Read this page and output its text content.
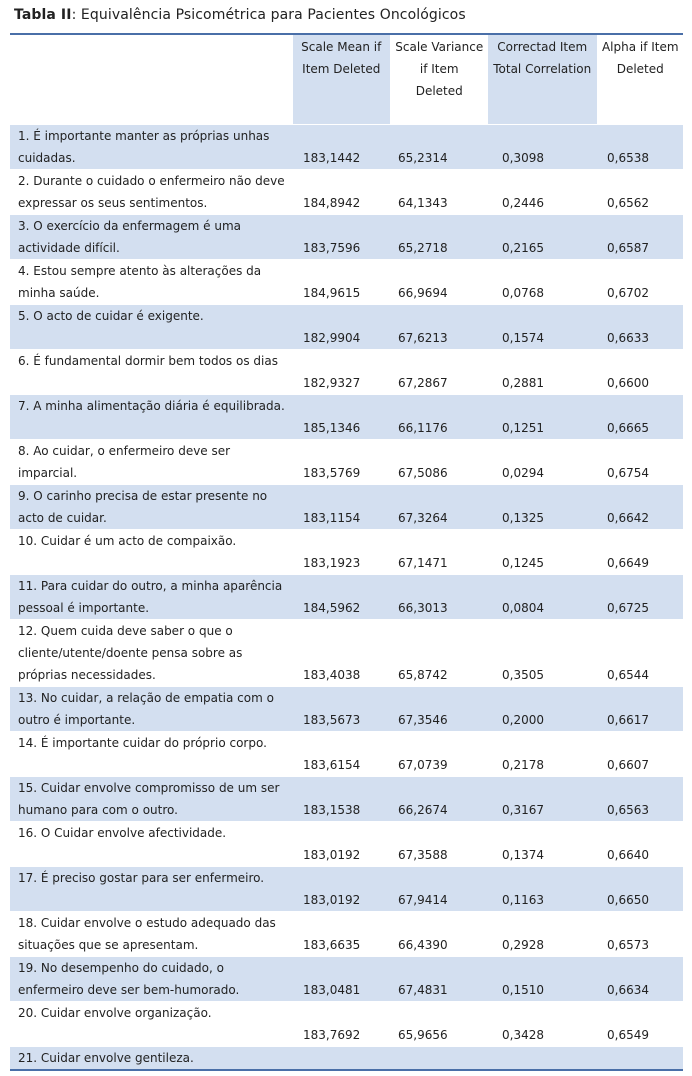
Tabla II: Equivalência Psicométrica para Pacientes Oncológicos
	Scale Mean if Item Deleted	Scale Variance if Item Deleted	Correctad Item Total Correlation	Alpha if Item Deleted
1. É importante manter as próprias unhas cuidadas.	183,1442	65,2314	0,3098	0,6538
2. Durante o cuidado o enfermeiro não deve expressar os seus sentimentos.	184,8942	64,1343	0,2446	0,6562
3. O exercício da enfermagem é uma actividade difícil.	183,7596	65,2718	0,2165	0,6587
4. Estou sempre atento às alterações da minha saúde.	184,9615	66,9694	0,0768	0,6702
5. O acto de cuidar é exigente.	182,9904	67,6213	0,1574	0,6633
6. É fundamental dormir bem todos os dias	182,9327	67,2867	0,2881	0,6600
7. A minha alimentação diária é equilibrada.	185,1346	66,1176	0,1251	0,6665
8. Ao cuidar, o enfermeiro deve ser imparcial.	183,5769	67,5086	0,0294	0,6754
9. O carinho precisa de estar presente no acto de cuidar.	183,1154	67,3264	0,1325	0,6642
10. Cuidar é um acto de compaixão.	183,1923	67,1471	0,1245	0,6649
11. Para cuidar do outro, a minha aparência pessoal é importante.	184,5962	66,3013	0,0804	0,6725
12. Quem cuida deve saber o que o cliente/utente/doente pensa sobre as próprias necessidades.	183,4038	65,8742	0,3505	0,6544
13. No cuidar, a relação de empatia com o outro é importante.	183,5673	67,3546	0,2000	0,6617
14. É importante cuidar do próprio corpo.	183,6154	67,0739	0,2178	0,6607
15. Cuidar envolve compromisso de um ser humano para com o outro.	183,1538	66,2674	0,3167	0,6563
16. O Cuidar envolve afectividade.	183,0192	67,3588	0,1374	0,6640
17. É preciso gostar para ser enfermeiro.	183,0192	67,9414	0,1163	0,6650
18. Cuidar envolve o estudo adequado das situações que se apresentam.	183,6635	66,4390	0,2928	0,6573
19. No desempenho do cuidado, o enfermeiro deve ser bem-humorado.	183,0481	67,4831	0,1510	0,6634
20. Cuidar envolve organização.	183,7692	65,9656	0,3428	0,6549
21. Cuidar envolve gentileza.				
